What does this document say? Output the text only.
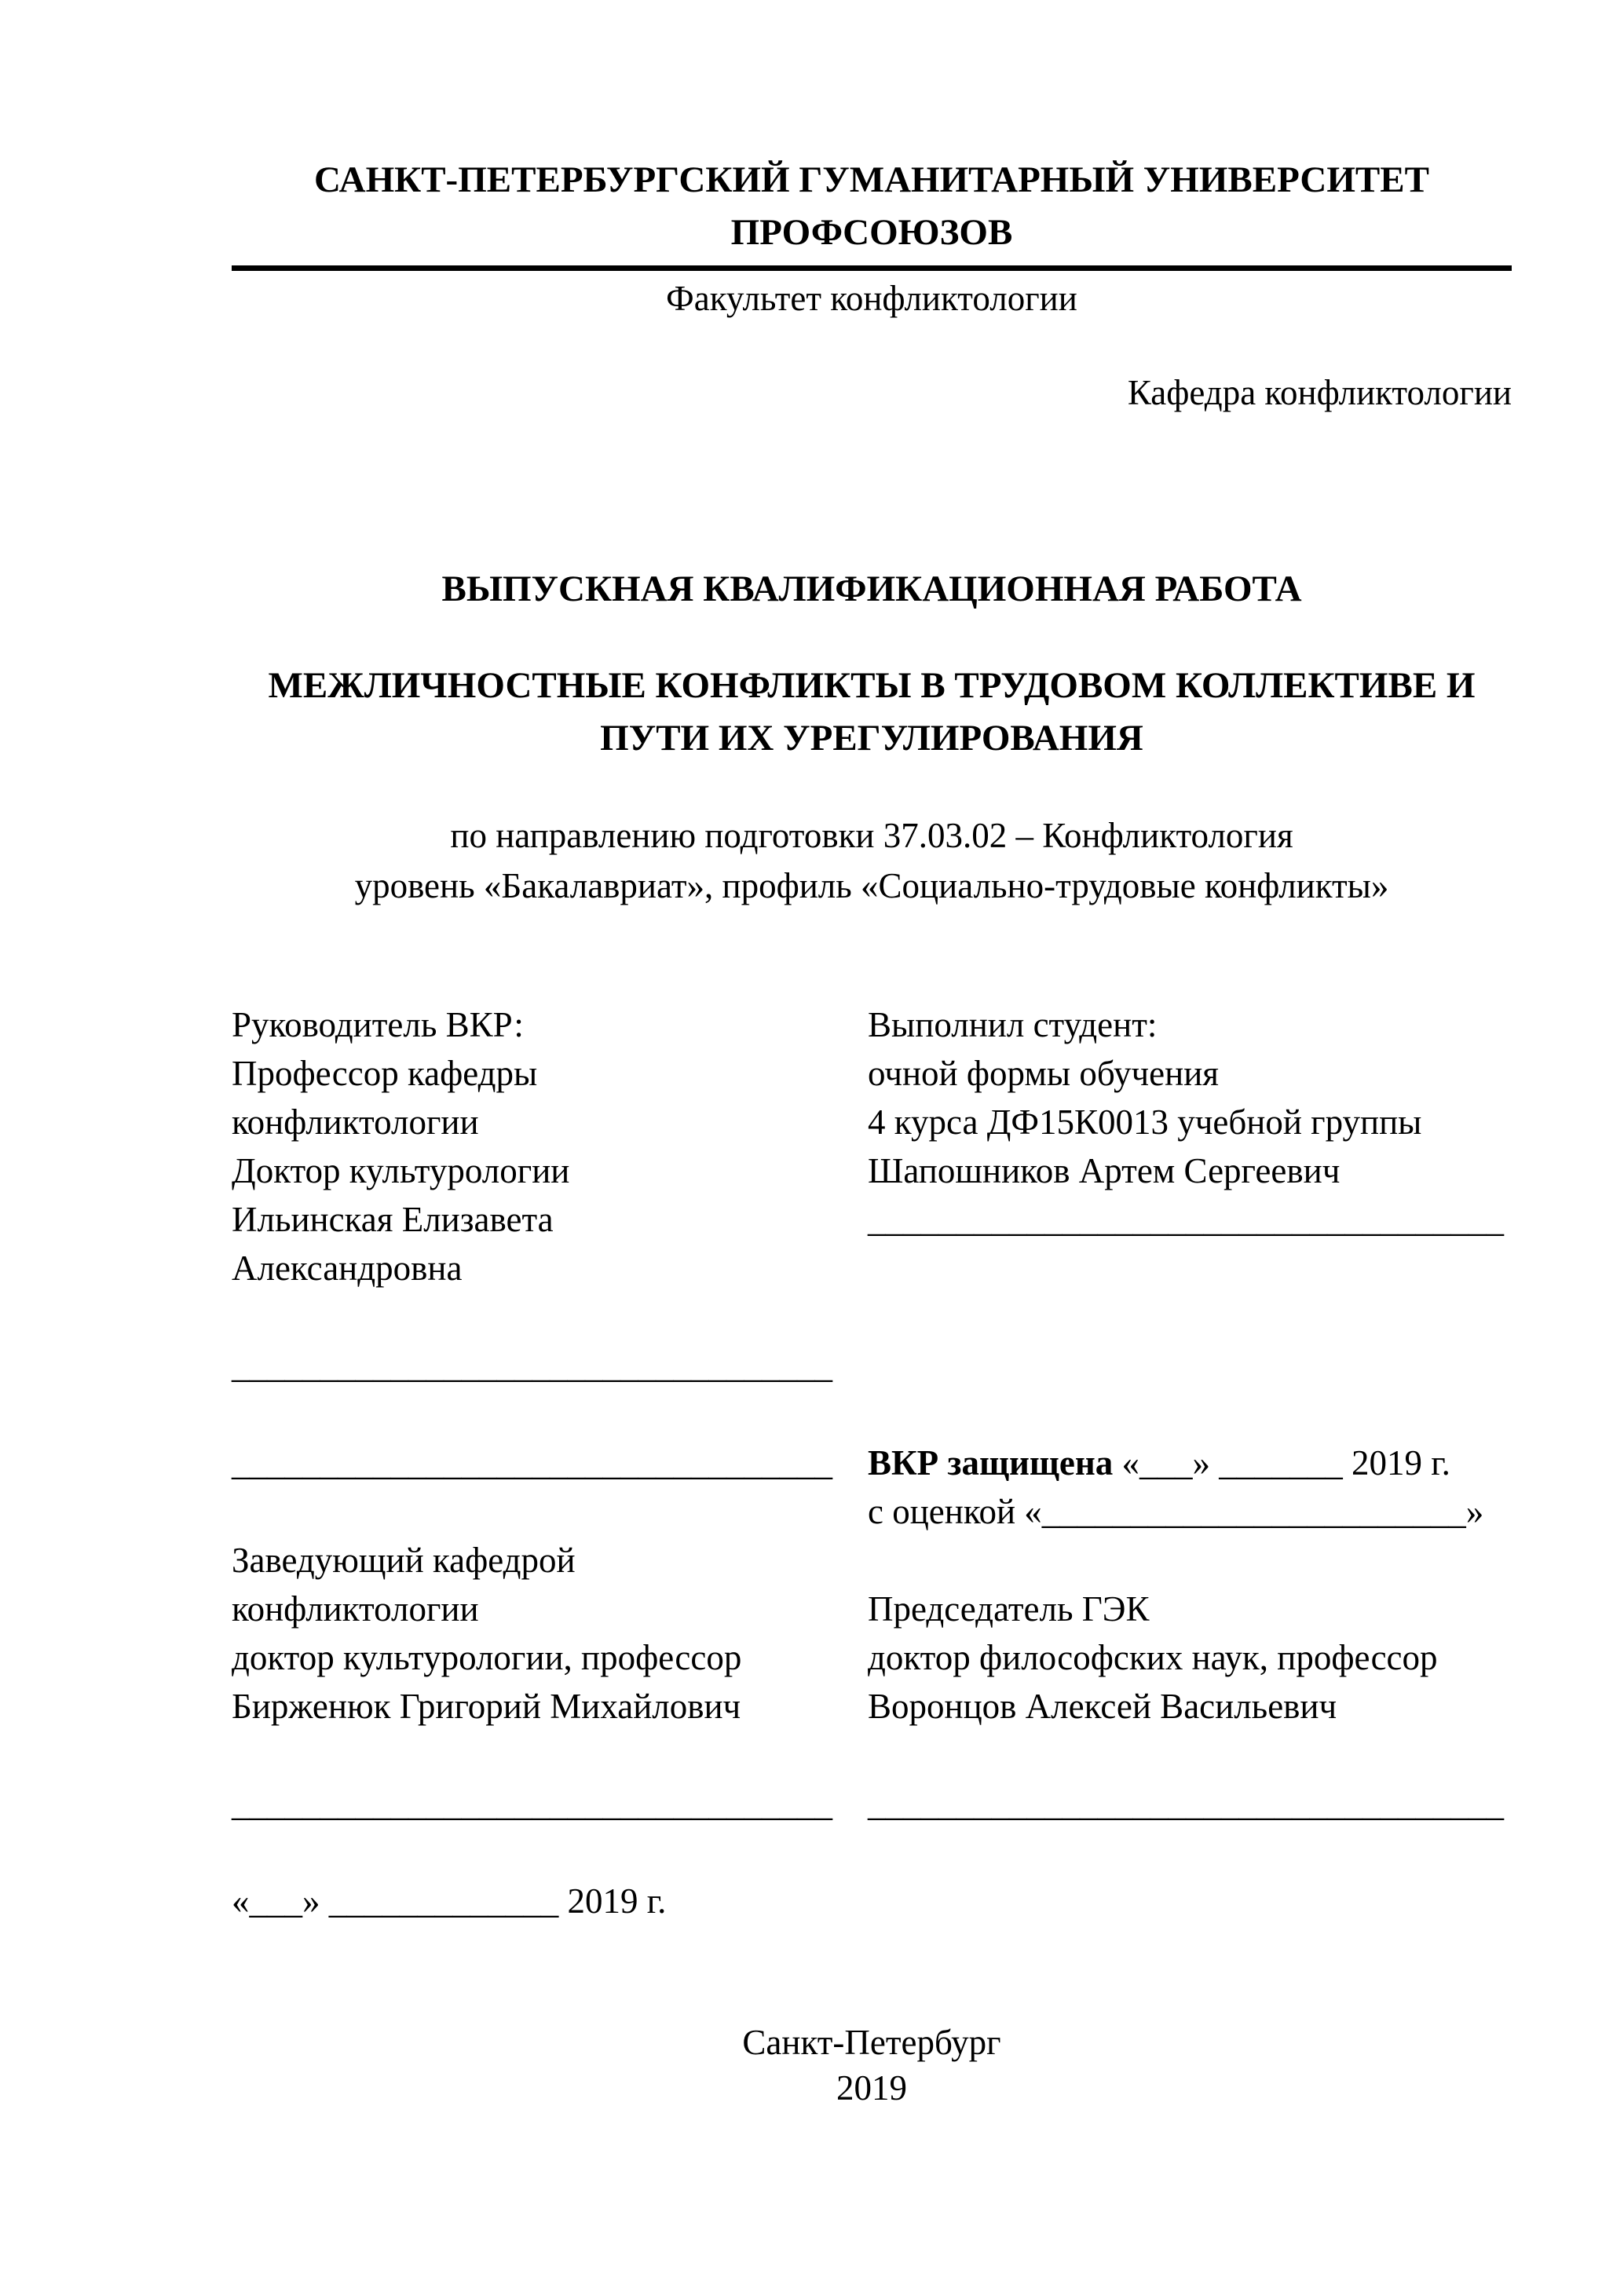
САНКТ-ПЕТЕРБУРГСКИЙ ГУМАНИТАРНЫЙ УНИВЕРСИТЕТ
ПРОФСОЮЗОВ
Факультет конфликтологии
Кафедра конфликтологии
ВЫПУСКНАЯ КВАЛИФИКАЦИОННАЯ РАБОТА
МЕЖЛИЧНОСТНЫЕ КОНФЛИКТЫ В ТРУДОВОМ КОЛЛЕКТИВЕ И
ПУТИ ИХ УРЕГУЛИРОВАНИЯ
по направлению подготовки 37.03.02 – Конфликтология
уровень «Бакалавриат», профиль «Социально-трудовые конфликты»
Руководитель ВКР:
Профессор кафедры
конфликтологии
Доктор культурологии
Ильинская Елизавета
Александровна
__________________________________
__________________________________
Заведующий кафедрой
конфликтологии
доктор культурологии, профессор
Бирженюк Григорий Михайлович
__________________________________
«___» _____________ 2019 г.
Выполнил студент:
очной формы обучения
4 курса ДФ15К0013 учебной группы
Шапошников Артем Сергеевич
____________________________________
ВКР защищена «___» _______ 2019 г.
с оценкой «________________________»
Председатель ГЭК
доктор философских наук, профессор
Воронцов Алексей Васильевич
____________________________________
Санкт-Петербург
2019
